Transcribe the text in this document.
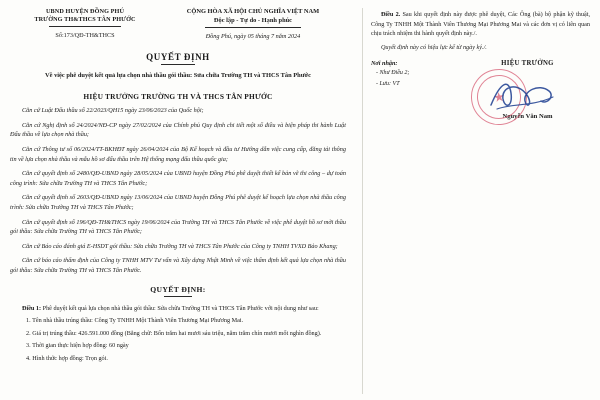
UBND HUYỆN ĐỒNG PHÚ
TRƯỜNG TH&THCS TÂN PHƯỚC
Số:173/QĐ-TH&THCS
CỘNG HÒA XÃ HỘI CHỦ NGHĨA VIỆT NAM
Độc lập - Tự do - Hạnh phúc
Đồng Phú, ngày 05 tháng 7 năm 2024
QUYẾT ĐỊNH
Về việc phê duyệt kết quả lựa chọn nhà thầu gói thầu: Sửa chữa Trường TH và THCS Tân Phước
HIỆU TRƯỞNG TRƯỜNG TH VÀ THCS TÂN PHƯỚC
Căn cứ Luật Đấu thầu số 22/2023/QH15 ngày 23/06/2023 của Quốc hội;
Căn cứ Nghị định số 24/2024/NĐ-CP ngày 27/02/2024 của Chính phủ Quy định chi tiết một số điều và biện pháp thi hành Luật Đấu thầu về lựa chọn nhà thầu;
Căn cứ Thông tư số 06/2024/TT-BKHĐT ngày 26/04/2024 của Bộ Kế hoạch và đầu tư Hướng dẫn việc cung cấp, đăng tải thông tin về lựa chọn nhà thầu và mẫu hồ sơ đấu thầu trên Hệ thống mạng đấu thầu quốc gia;
Căn cứ quyết định số 2480/QĐ-UBND ngày 28/05/2024 của UBND huyện Đồng Phú phê duyệt thiết kế bản vẽ thi công – dự toán công trình: Sửa chữa Trường TH và THCS Tân Phước;
Căn cứ quyết định số 2603/QĐ-UBND ngày 13/06/2024 của UBND huyện Đồng Phú phê duyệt kế hoạch lựa chọn nhà thầu công trình: Sửa chữa Trường TH và THCS Tân Phước;
Căn cứ quyết định số 196/QĐ-TH&THCS ngày 19/06/2024 của Trường TH và THCS Tân Phước về việc phê duyệt hồ sơ mời thầu gói thầu: Sửa chữa Trường TH và THCS Tân Phước;
Căn cứ Báo cáo đánh giá E-HSDT gói thầu: Sửa chữa Trường TH và THCS Tân Phước của Công ty TNHH TVXD Bảo Khang;
Căn cứ báo cáo thẩm định của Công ty TNHH MTV Tư vấn và Xây dựng Nhật Minh về việc thẩm định kết quả lựa chọn nhà thầu gói thầu: Sửa chữa Trường TH và THCS Tân Phước.
QUYẾT ĐỊNH:
Điều 1: Phê duyệt kết quả lựa chọn nhà thầu gói thầu: Sửa chữa Trường TH và THCS Tân Phước với nội dung như sau:
1. Tên nhà thầu trúng thầu: Công Ty TNHH Một Thành Viên Thương Mại Phương Mai.
2. Giá trị trúng thầu: 426.591.000 đồng (Bằng chữ: Bốn trăm hai mươi sáu triệu, năm trăm chín mươi mốt nghìn đồng).
3. Thời gian thực hiện hợp đồng: 60 ngày
4. Hình thức hợp đồng: Trọn gói.
Điều 2. Sau khi quyết định này được phê duyệt, Các Ông (bà) bộ phận kỹ thuật, Công Ty TNHH Một Thành Viên Thương Mại Phương Mai và các đơn vị có liên quan chịu trách nhiệm thi hành quyết định này./.
Quyết định này có hiệu lực kể từ ngày ký./.
Nơi nhận:
- Như Điều 2;
- Lưu: VT
HIỆU TRƯỞNG
★
Nguyễn Văn Nam
